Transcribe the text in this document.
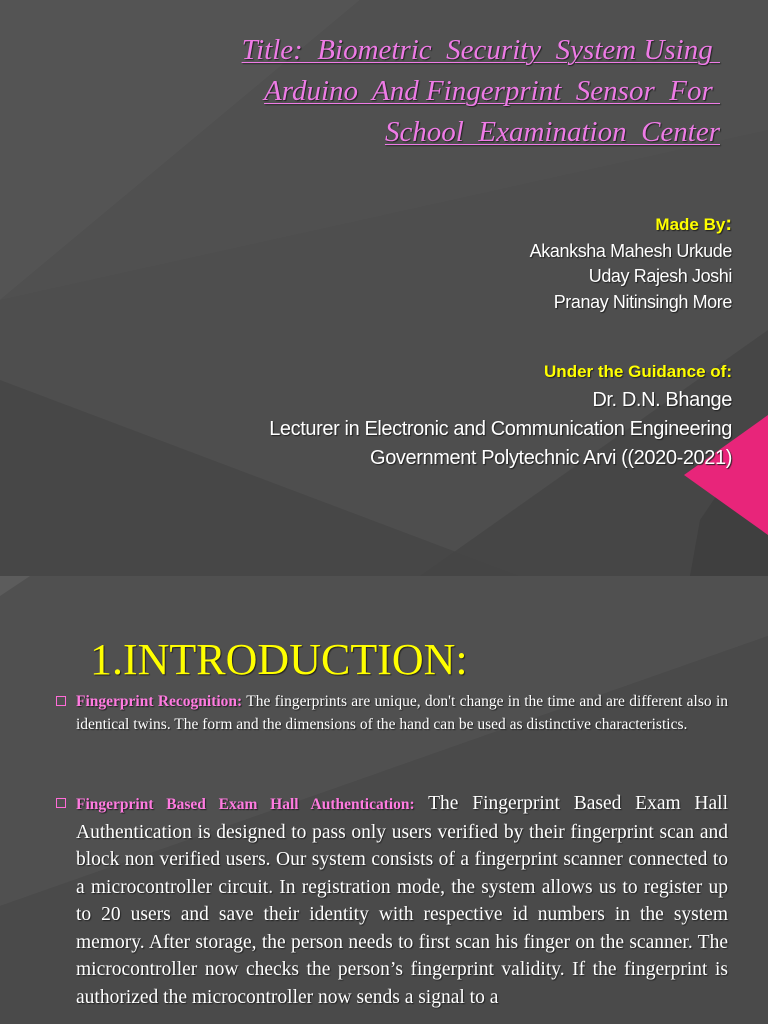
Title:  Biometric  Security  System Using
Arduino  And Fingerprint  Sensor  For
School  Examination  Center
Made By:
Akanksha Mahesh Urkude
Uday Rajesh Joshi
Pranay Nitinsingh More
Under the Guidance of:
Dr. D.N. Bhange
Lecturer in Electronic and Communication Engineering
Government Polytechnic Arvi ((2020-2021)
1.INTRODUCTION:
Fingerprint Recognition: The fingerprints are unique, don't change in the time and are different also in identical twins. The form and the dimensions of the hand can be used as distinctive characteristics.
Fingerprint Based Exam Hall Authentication: The Fingerprint Based Exam Hall Authentication is designed to pass only users verified by their fingerprint scan and block non verified users. Our system consists of a fingerprint scanner connected to a microcontroller circuit. In registration mode, the system allows us to register up to 20 users and save their identity with respective id numbers in the system memory. After storage, the person needs to first scan his finger on the scanner. The microcontroller now checks the person’s fingerprint validity. If the fingerprint is authorized the microcontroller now sends a signal to a
